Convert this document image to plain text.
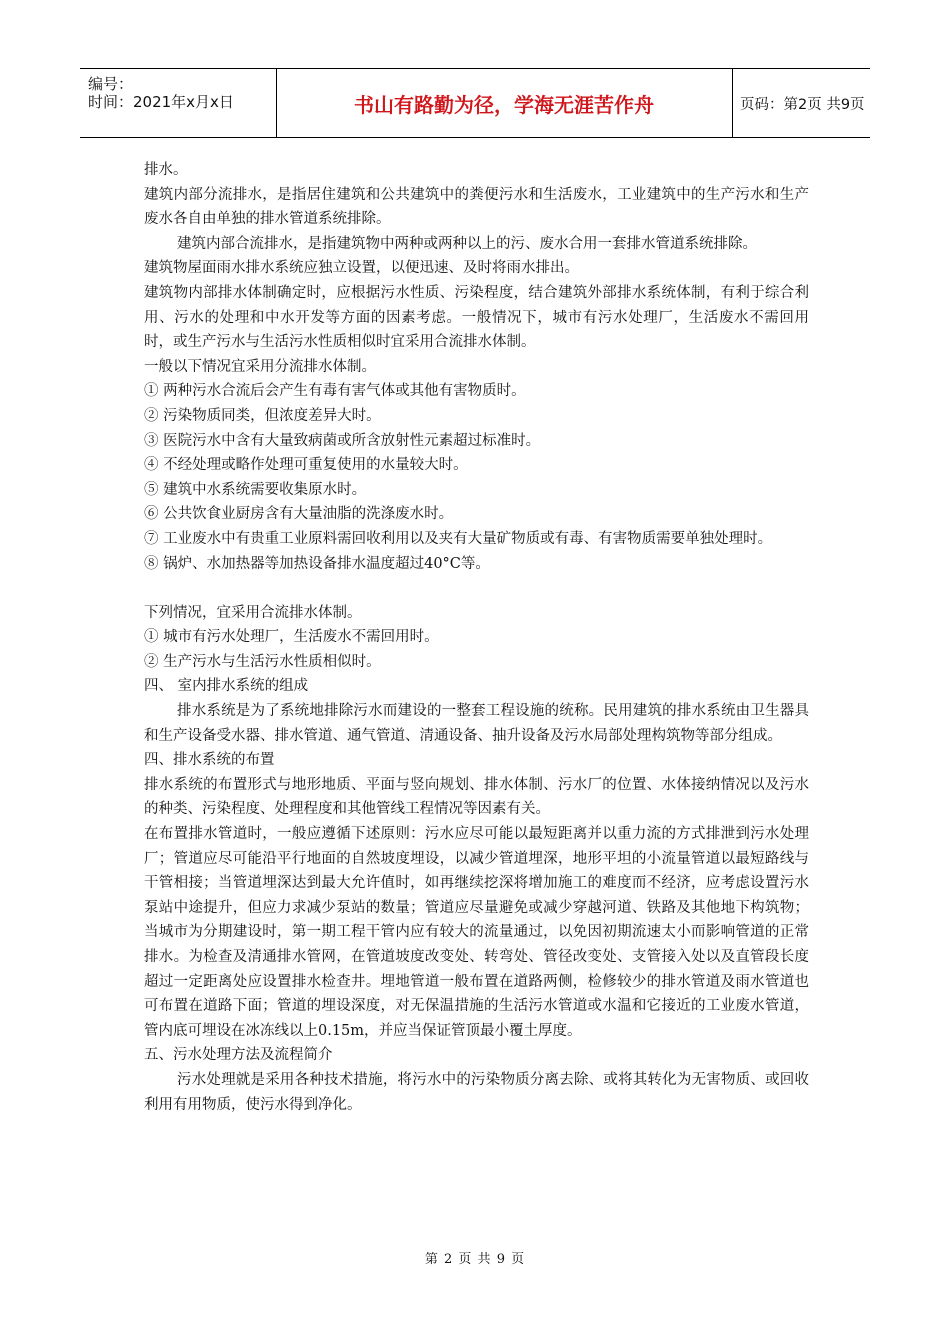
编号：
时间：2021年x月x日	书山有路勤为径，学海无涯苦作舟	页码：第2页 共9页

排水。

建筑内部分流排水，是指居住建筑和公共建筑中的粪便污水和生活废水，工业建筑中的生产污水和生产废水各自由单独的排水管道系统排除。

建筑内部合流排水，是指建筑物中两种或两种以上的污、废水合用一套排水管道系统排除。

建筑物屋面雨水排水系统应独立设置，以便迅速、及时将雨水排出。

建筑物内部排水体制确定时，应根据污水性质、污染程度，结合建筑外部排水系统体制，有利于综合利用、污水的处理和中水开发等方面的因素考虑。一般情况下，城市有污水处理厂，生活废水不需回用时，或生产污水与生活污水性质相似时宜采用合流排水体制。

一般以下情况宜采用分流排水体制。

① 两种污水合流后会产生有毒有害气体或其他有害物质时。

② 污染物质同类，但浓度差异大时。

③ 医院污水中含有大量致病菌或所含放射性元素超过标准时。

④ 不经处理或略作处理可重复使用的水量较大时。

⑤ 建筑中水系统需要收集原水时。

⑥ 公共饮食业厨房含有大量油脂的洗涤废水时。

⑦ 工业废水中有贵重工业原料需回收利用以及夹有大量矿物质或有毒、有害物质需要单独处理时。

⑧ 锅炉、水加热器等加热设备排水温度超过40°C等。

下列情况，宜采用合流排水体制。

① 城市有污水处理厂，生活废水不需回用时。

② 生产污水与生活污水性质相似时。

四、 室内排水系统的组成

排水系统是为了系统地排除污水而建设的一整套工程设施的统称。民用建筑的排水系统由卫生器具和生产设备受水器、排水管道、通气管道、清通设备、抽升设备及污水局部处理构筑物等部分组成。

四、排水系统的布置

排水系统的布置形式与地形地质、平面与竖向规划、排水体制、污水厂的位置、水体接纳情况以及污水的种类、污染程度、处理程度和其他管线工程情况等因素有关。

在布置排水管道时，一般应遵循下述原则：污水应尽可能以最短距离并以重力流的方式排泄到污水处理厂；管道应尽可能沿平行地面的自然坡度埋设，以减少管道埋深，地形平坦的小流量管道以最短路线与干管相接；当管道埋深达到最大允许值时，如再继续挖深将增加施工的难度而不经济，应考虑设置污水泵站中途提升，但应力求减少泵站的数量；管道应尽量避免或减少穿越河道、铁路及其他地下构筑物；当城市为分期建设时，第一期工程干管内应有较大的流量通过，以免因初期流速太小而影响管道的正常排水。为检查及清通排水管网，在管道坡度改变处、转弯处、管径改变处、支管接入处以及直管段长度超过一定距离处应设置排水检查井。埋地管道一般布置在道路两侧，检修较少的排水管道及雨水管道也可布置在道路下面；管道的埋设深度，对无保温措施的生活污水管道或水温和它接近的工业废水管道，管内底可埋设在冰冻线以上0.15m，并应当保证管顶最小覆土厚度。

五、污水处理方法及流程简介

污水处理就是采用各种技术措施，将污水中的污染物质分离去除、或将其转化为无害物质、或回收利用有用物质，使污水得到净化。

第 2 页 共 9 页
